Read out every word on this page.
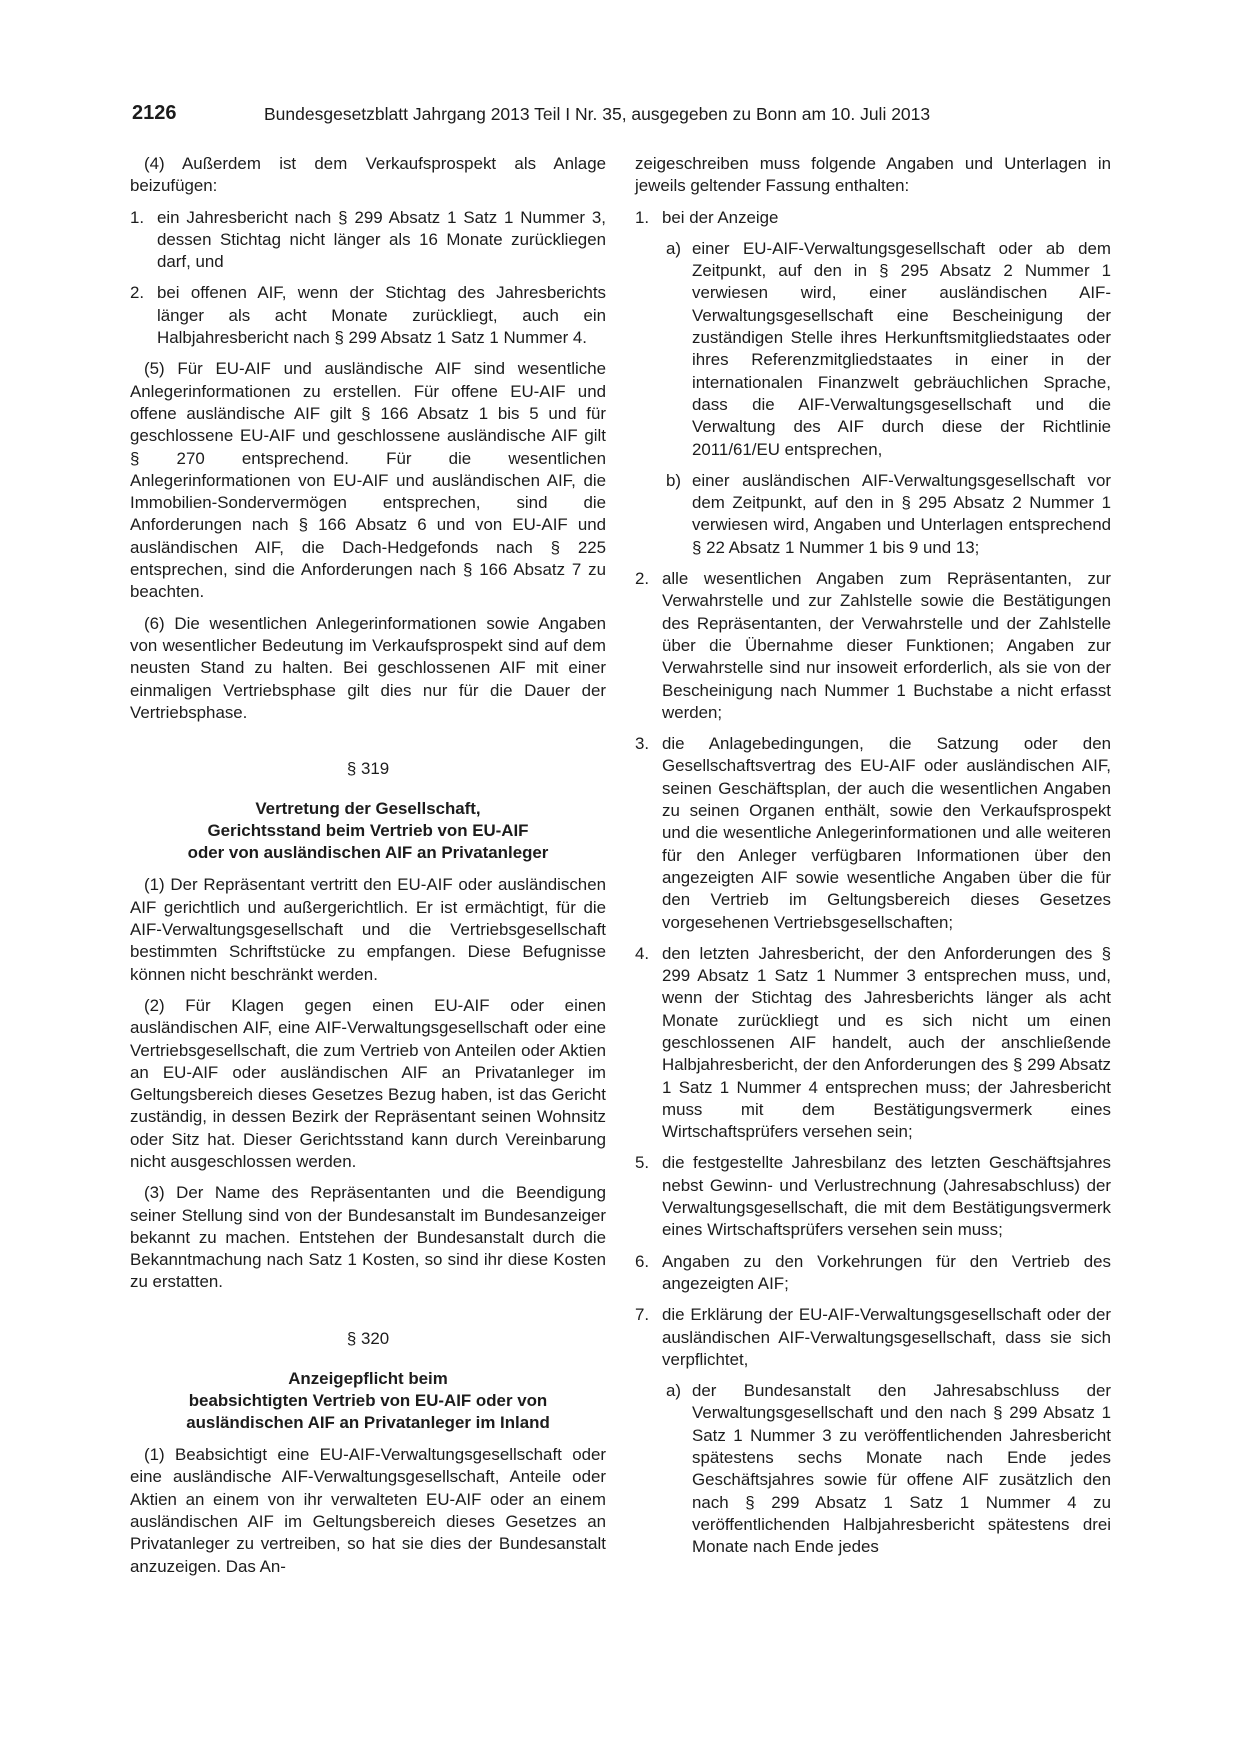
2126	Bundesgesetzblatt Jahrgang 2013 Teil I Nr. 35, ausgegeben zu Bonn am 10. Juli 2013

(4) Außerdem ist dem Verkaufsprospekt als Anlage beizufügen:

1. ein Jahresbericht nach § 299 Absatz 1 Satz 1 Nummer 3, dessen Stichtag nicht länger als 16 Monate zurückliegen darf, und
2. bei offenen AIF, wenn der Stichtag des Jahresberichts länger als acht Monate zurückliegt, auch ein Halbjahresbericht nach § 299 Absatz 1 Satz 1 Nummer 4.

(5) Für EU-AIF und ausländische AIF sind wesentliche Anlegerinformationen zu erstellen. Für offene EU-AIF und offene ausländische AIF gilt § 166 Absatz 1 bis 5 und für geschlossene EU-AIF und geschlossene ausländische AIF gilt § 270 entsprechend. Für die wesentlichen Anlegerinformationen von EU-AIF und ausländischen AIF, die Immobilien-Sondervermögen entsprechen, sind die Anforderungen nach § 166 Absatz 6 und von EU-AIF und ausländischen AIF, die Dach-Hedgefonds nach § 225 entsprechen, sind die Anforderungen nach § 166 Absatz 7 zu beachten.

(6) Die wesentlichen Anlegerinformationen sowie Angaben von wesentlicher Bedeutung im Verkaufsprospekt sind auf dem neusten Stand zu halten. Bei geschlossenen AIF mit einer einmaligen Vertriebsphase gilt dies nur für die Dauer der Vertriebsphase.

§ 319
Vertretung der Gesellschaft,
Gerichtsstand beim Vertrieb von EU-AIF
oder von ausländischen AIF an Privatanleger

(1) Der Repräsentant vertritt den EU-AIF oder ausländischen AIF gerichtlich und außergerichtlich. Er ist ermächtigt, für die AIF-Verwaltungsgesellschaft und die Vertriebsgesellschaft bestimmten Schriftstücke zu empfangen. Diese Befugnisse können nicht beschränkt werden.

(2) Für Klagen gegen einen EU-AIF oder einen ausländischen AIF, eine AIF-Verwaltungsgesellschaft oder eine Vertriebsgesellschaft, die zum Vertrieb von Anteilen oder Aktien an EU-AIF oder ausländischen AIF an Privatanleger im Geltungsbereich dieses Gesetzes Bezug haben, ist das Gericht zuständig, in dessen Bezirk der Repräsentant seinen Wohnsitz oder Sitz hat. Dieser Gerichtsstand kann durch Vereinbarung nicht ausgeschlossen werden.

(3) Der Name des Repräsentanten und die Beendigung seiner Stellung sind von der Bundesanstalt im Bundesanzeiger bekannt zu machen. Entstehen der Bundesanstalt durch die Bekanntmachung nach Satz 1 Kosten, so sind ihr diese Kosten zu erstatten.

§ 320
Anzeigepflicht beim
beabsichtigten Vertrieb von EU-AIF oder von
ausländischen AIF an Privatanleger im Inland

(1) Beabsichtigt eine EU-AIF-Verwaltungsgesellschaft oder eine ausländische AIF-Verwaltungsgesellschaft, Anteile oder Aktien an einem von ihr verwalteten EU-AIF oder an einem ausländischen AIF im Geltungsbereich dieses Gesetzes an Privatanleger zu vertreiben, so hat sie dies der Bundesanstalt anzuzeigen. Das An-

zeigeschreiben muss folgende Angaben und Unterlagen in jeweils geltender Fassung enthalten:

1. bei der Anzeige
a) einer EU-AIF-Verwaltungsgesellschaft oder ab dem Zeitpunkt, auf den in § 295 Absatz 2 Nummer 1 verwiesen wird, einer ausländischen AIF-Verwaltungsgesellschaft eine Bescheinigung der zuständigen Stelle ihres Herkunftsmitgliedstaates oder ihres Referenzmitgliedstaates in einer in der internationalen Finanzwelt gebräuchlichen Sprache, dass die AIF-Verwaltungsgesellschaft und die Verwaltung des AIF durch diese der Richtlinie 2011/61/EU entsprechen,
b) einer ausländischen AIF-Verwaltungsgesellschaft vor dem Zeitpunkt, auf den in § 295 Absatz 2 Nummer 1 verwiesen wird, Angaben und Unterlagen entsprechend § 22 Absatz 1 Nummer 1 bis 9 und 13;
2. alle wesentlichen Angaben zum Repräsentanten, zur Verwahrstelle und zur Zahlstelle sowie die Bestätigungen des Repräsentanten, der Verwahrstelle und der Zahlstelle über die Übernahme dieser Funktionen; Angaben zur Verwahrstelle sind nur insoweit erforderlich, als sie von der Bescheinigung nach Nummer 1 Buchstabe a nicht erfasst werden;
3. die Anlagebedingungen, die Satzung oder den Gesellschaftsvertrag des EU-AIF oder ausländischen AIF, seinen Geschäftsplan, der auch die wesentlichen Angaben zu seinen Organen enthält, sowie den Verkaufsprospekt und die wesentliche Anlegerinformationen und alle weiteren für den Anleger verfügbaren Informationen über den angezeigten AIF sowie wesentliche Angaben über die für den Vertrieb im Geltungsbereich dieses Gesetzes vorgesehenen Vertriebsgesellschaften;
4. den letzten Jahresbericht, der den Anforderungen des § 299 Absatz 1 Satz 1 Nummer 3 entsprechen muss, und, wenn der Stichtag des Jahresberichts länger als acht Monate zurückliegt und es sich nicht um einen geschlossenen AIF handelt, auch der anschließende Halbjahresbericht, der den Anforderungen des § 299 Absatz 1 Satz 1 Nummer 4 entsprechen muss; der Jahresbericht muss mit dem Bestätigungsvermerk eines Wirtschaftsprüfers versehen sein;
5. die festgestellte Jahresbilanz des letzten Geschäftsjahres nebst Gewinn- und Verlustrechnung (Jahresabschluss) der Verwaltungsgesellschaft, die mit dem Bestätigungsvermerk eines Wirtschaftsprüfers versehen sein muss;
6. Angaben zu den Vorkehrungen für den Vertrieb des angezeigten AIF;
7. die Erklärung der EU-AIF-Verwaltungsgesellschaft oder der ausländischen AIF-Verwaltungsgesellschaft, dass sie sich verpflichtet,
a) der Bundesanstalt den Jahresabschluss der Verwaltungsgesellschaft und den nach § 299 Absatz 1 Satz 1 Nummer 3 zu veröffentlichenden Jahresbericht spätestens sechs Monate nach Ende jedes Geschäftsjahres sowie für offene AIF zusätzlich den nach § 299 Absatz 1 Satz 1 Nummer 4 zu veröffentlichenden Halbjahresbericht spätestens drei Monate nach Ende jedes
